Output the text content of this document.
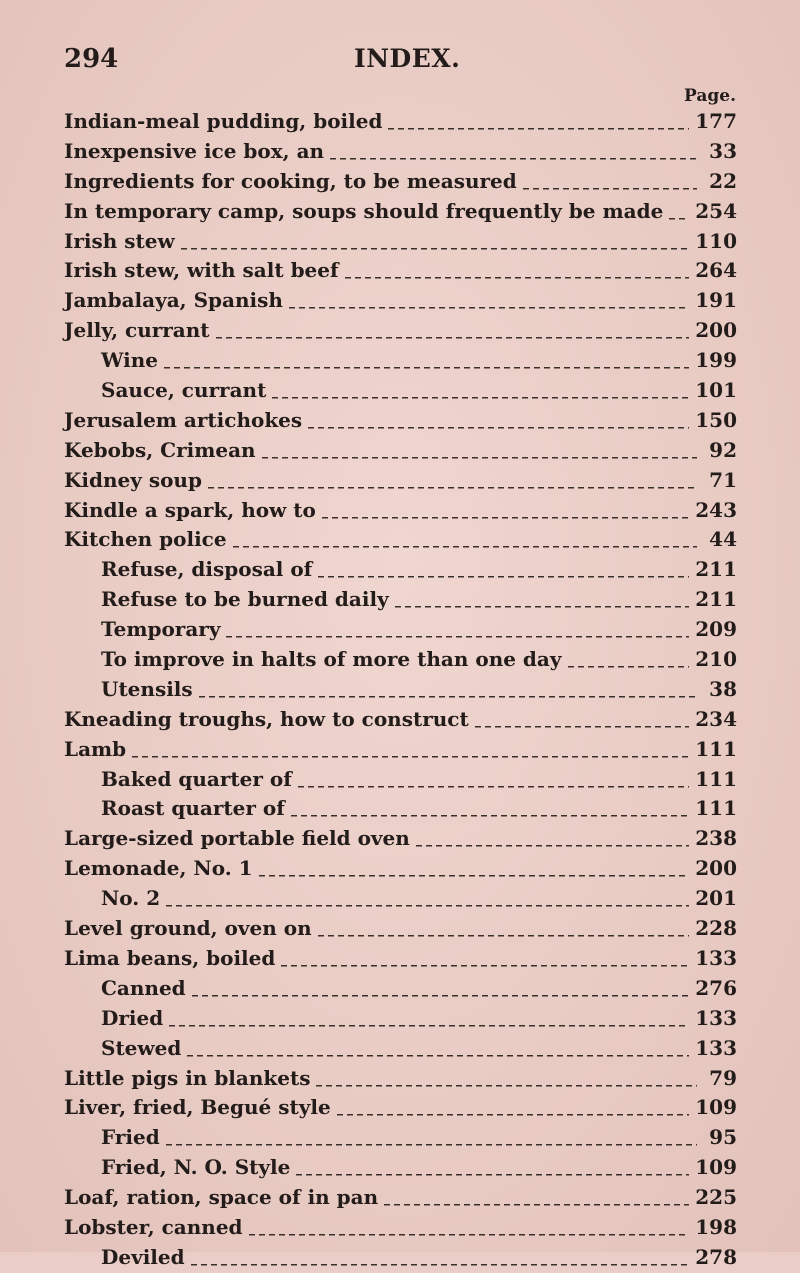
294	INDEX.
Page.
Indian-meal pudding, boiled	177
Inexpensive ice box, an	33
Ingredients for cooking, to be measured	22
In temporary camp, soups should frequently be made 254
Irish stew	110
Irish stew, with salt beef	264
Jambalaya, Spanish	191
Jelly, currant	200
Wine	199
Sauce, currant	101
Jerusalem artichokes	150
Kebobs, Crimean	92
Kidney soup	71
Kindle a spark, how to	243
Kitchen police	44
Refuse, disposal of	211
Refuse to be burned daily	211
Temporary	209
To improve in halts of more than one day	210
Utensils	38
Kneading troughs, how to construct	234
Lamb	111
Baked quarter of	111
Roast quarter of	111
Large-sized portable field oven	238
Lemonade, No. 1	200
No. 2	201
Level ground, oven on	228
Lima beans, boiled	133
Canned	276
Dried	133
Stewed	133
Little pigs in blankets	79
Liver, fried, Begué style	109
Fried	95
Fried, N. O. Style	109
Loaf, ration, space of in pan	225
Lobster, canned	198
Deviled	278
